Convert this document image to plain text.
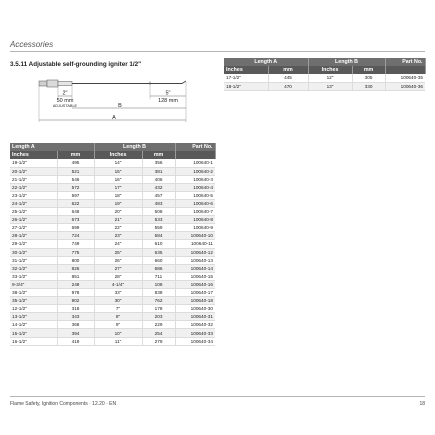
Accessories
3.5.11 Adjustable self-grounding igniter 1/2"
2"
50 mm
ADJUSTABLE	B
5"
128 mm
A
Length A		Length B		Part No.
Inches	mm	Inches	mm	
17-1/2"	445	12"	305	100640-35
18-1/2"	470	13"	330	100640-36
Length A		Length B		Part No.
Inches	mm	Inches	mm	
19-1/2"	495	14"	356	100640-1
20-1/2"	521	15"	381	100640-2
21-1/2"	546	16"	406	100640-3
22-1/2"	572	17"	432	100640-4
23-1/2"	597	18"	457	100640-5
24-1/2"	622	19"	483	100640-6
25-1/2"	648	20"	508	100640-7
26-1/2"	673	21"	533	100640-8
27-1/2"	699	22"	559	100640-9
28-1/2"	724	23"	584	100640-10
29-1/2"	749	24"	610	100640-11
30-1/2"	775	25"	635	100640-12
31-1/2"	800	26"	660	100640-13
32-1/2"	826	27"	686	100640-14
33-1/2"	851	28"	711	100640-15
9-3/4"	248	4-1/4"	108	100640-16
38-1/2"	978	33"	838	100640-17
35-1/2"	902	30"	762	100640-18
12-1/2"	318	7"	178	100640-30
13-1/2"	343	8"	203	100640-31
14-1/2"	368	9"	229	100640-32
15-1/2"	394	10"	254	100640-33
16-1/2"	419	11"	279	100640-34
Flame Safety, Ignition Components · 12.20 · EN	18
